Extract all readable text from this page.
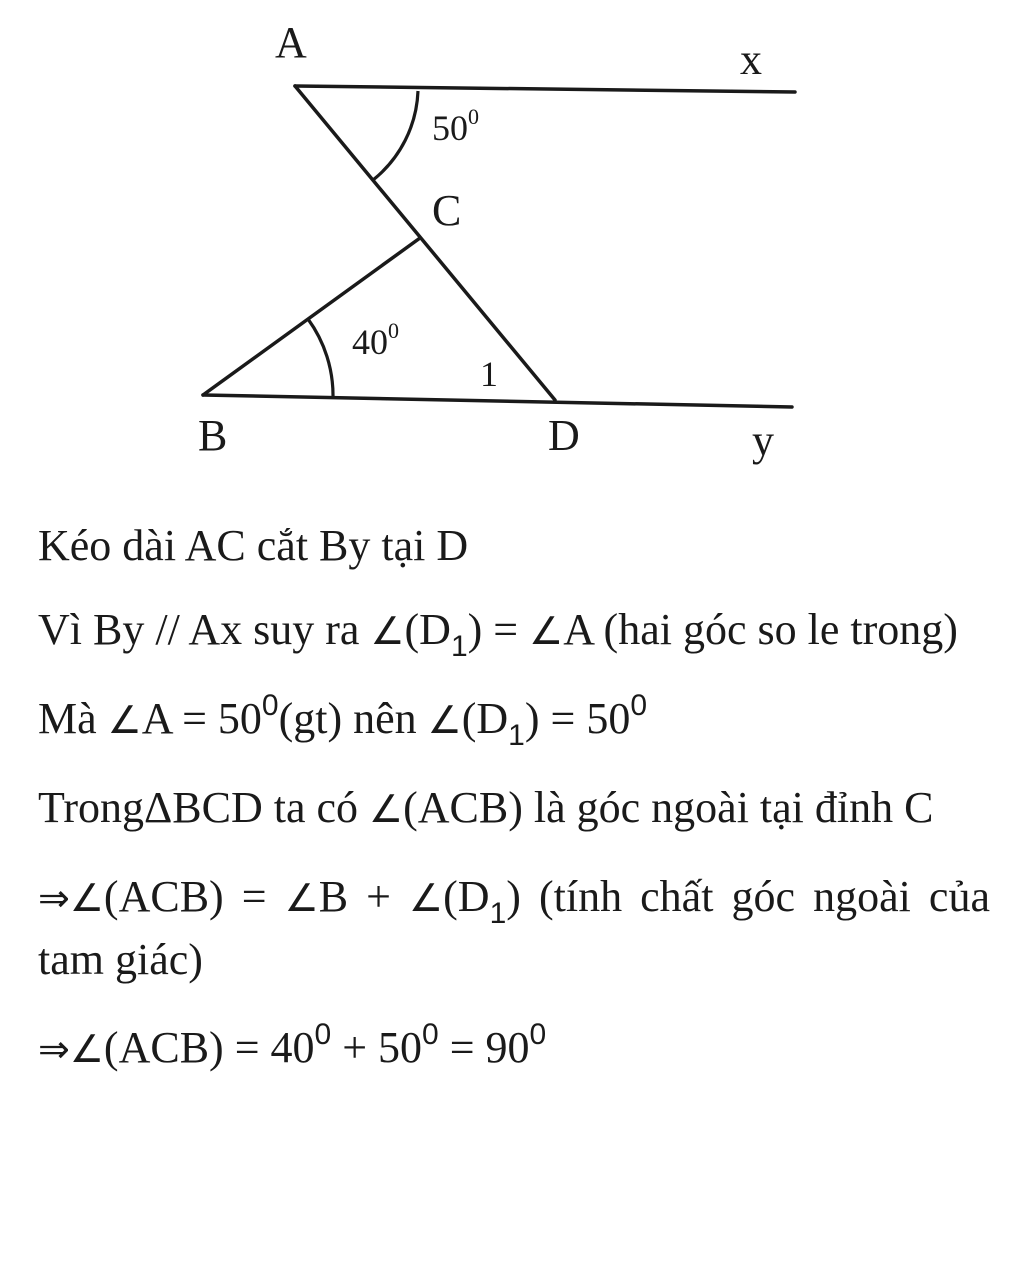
A	x
C
B	D	y
$50^0$
$40^0$
1

Kéo dài AC cắt By tại D

Vì By // Ax suy ra $\angle(D_1)$ = ∠A (hai góc so le trong)

Mà ∠A = $50^0(gt)$ nên $\angle(D_1) = 50^0$

TrongΔBCD ta có ∠(ACB) là góc ngoài tại đỉnh C

⇒∠(ACB) = ∠B + $\angle(D_1)$ (tính chất góc ngoài của tam giác)

⇒∠(ACB) = $40^0 + 50^0 = 90^0$
